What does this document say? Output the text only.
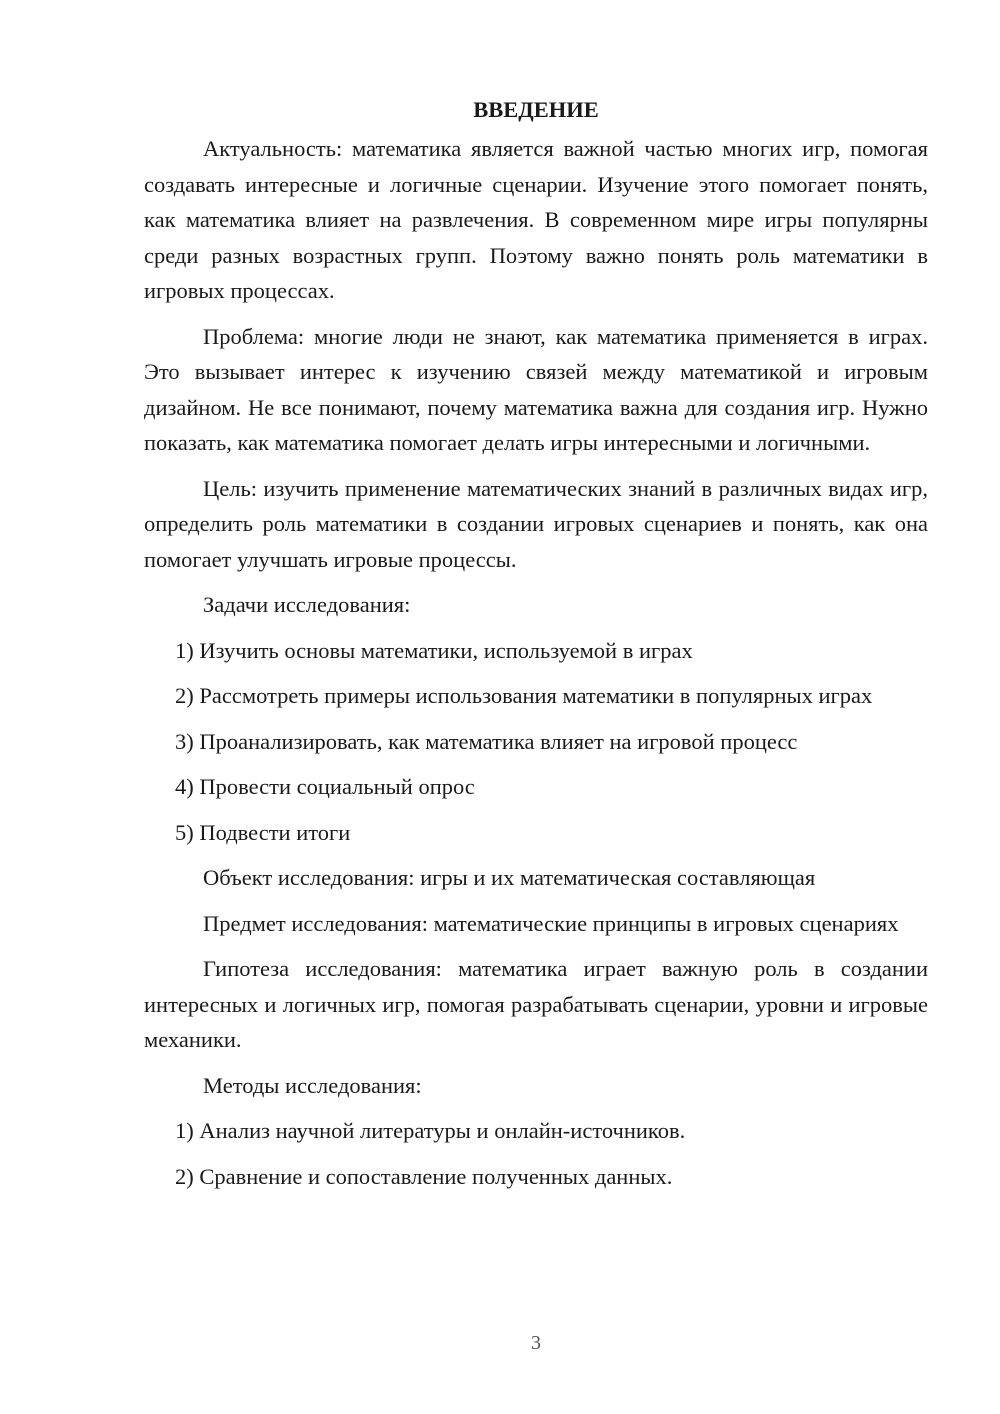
ВВЕДЕНИЕ

Актуальность: математика является важной частью многих игр, помогая создавать интересные и логичные сценарии. Изучение этого помогает понять, как математика влияет на развлечения. В современном мире игры популярны среди разных возрастных групп. Поэтому важно понять роль математики в игровых процессах.

Проблема: многие люди не знают, как математика применяется в играх. Это вызывает интерес к изучению связей между математикой и игровым дизайном. Не все понимают, почему математика важна для создания игр. Нужно показать, как математика помогает делать игры интересными и логичными.

Цель: изучить применение математических знаний в различных видах игр, определить роль математики в создании игровых сценариев и понять, как она помогает улучшать игровые процессы.

Задачи исследования:

1) Изучить основы математики, используемой в играх

2) Рассмотреть примеры использования математики в популярных играх

3) Проанализировать, как математика влияет на игровой процесс

4) Провести социальный опрос

5) Подвести итоги

Объект исследования: игры и их математическая составляющая

Предмет исследования: математические принципы в игровых сценариях

Гипотеза исследования: математика играет важную роль в создании интересных и логичных игр, помогая разрабатывать сценарии, уровни и игровые механики.

Методы исследования:

1) Анализ научной литературы и онлайн-источников.

2) Сравнение и сопоставление полученных данных.

3
